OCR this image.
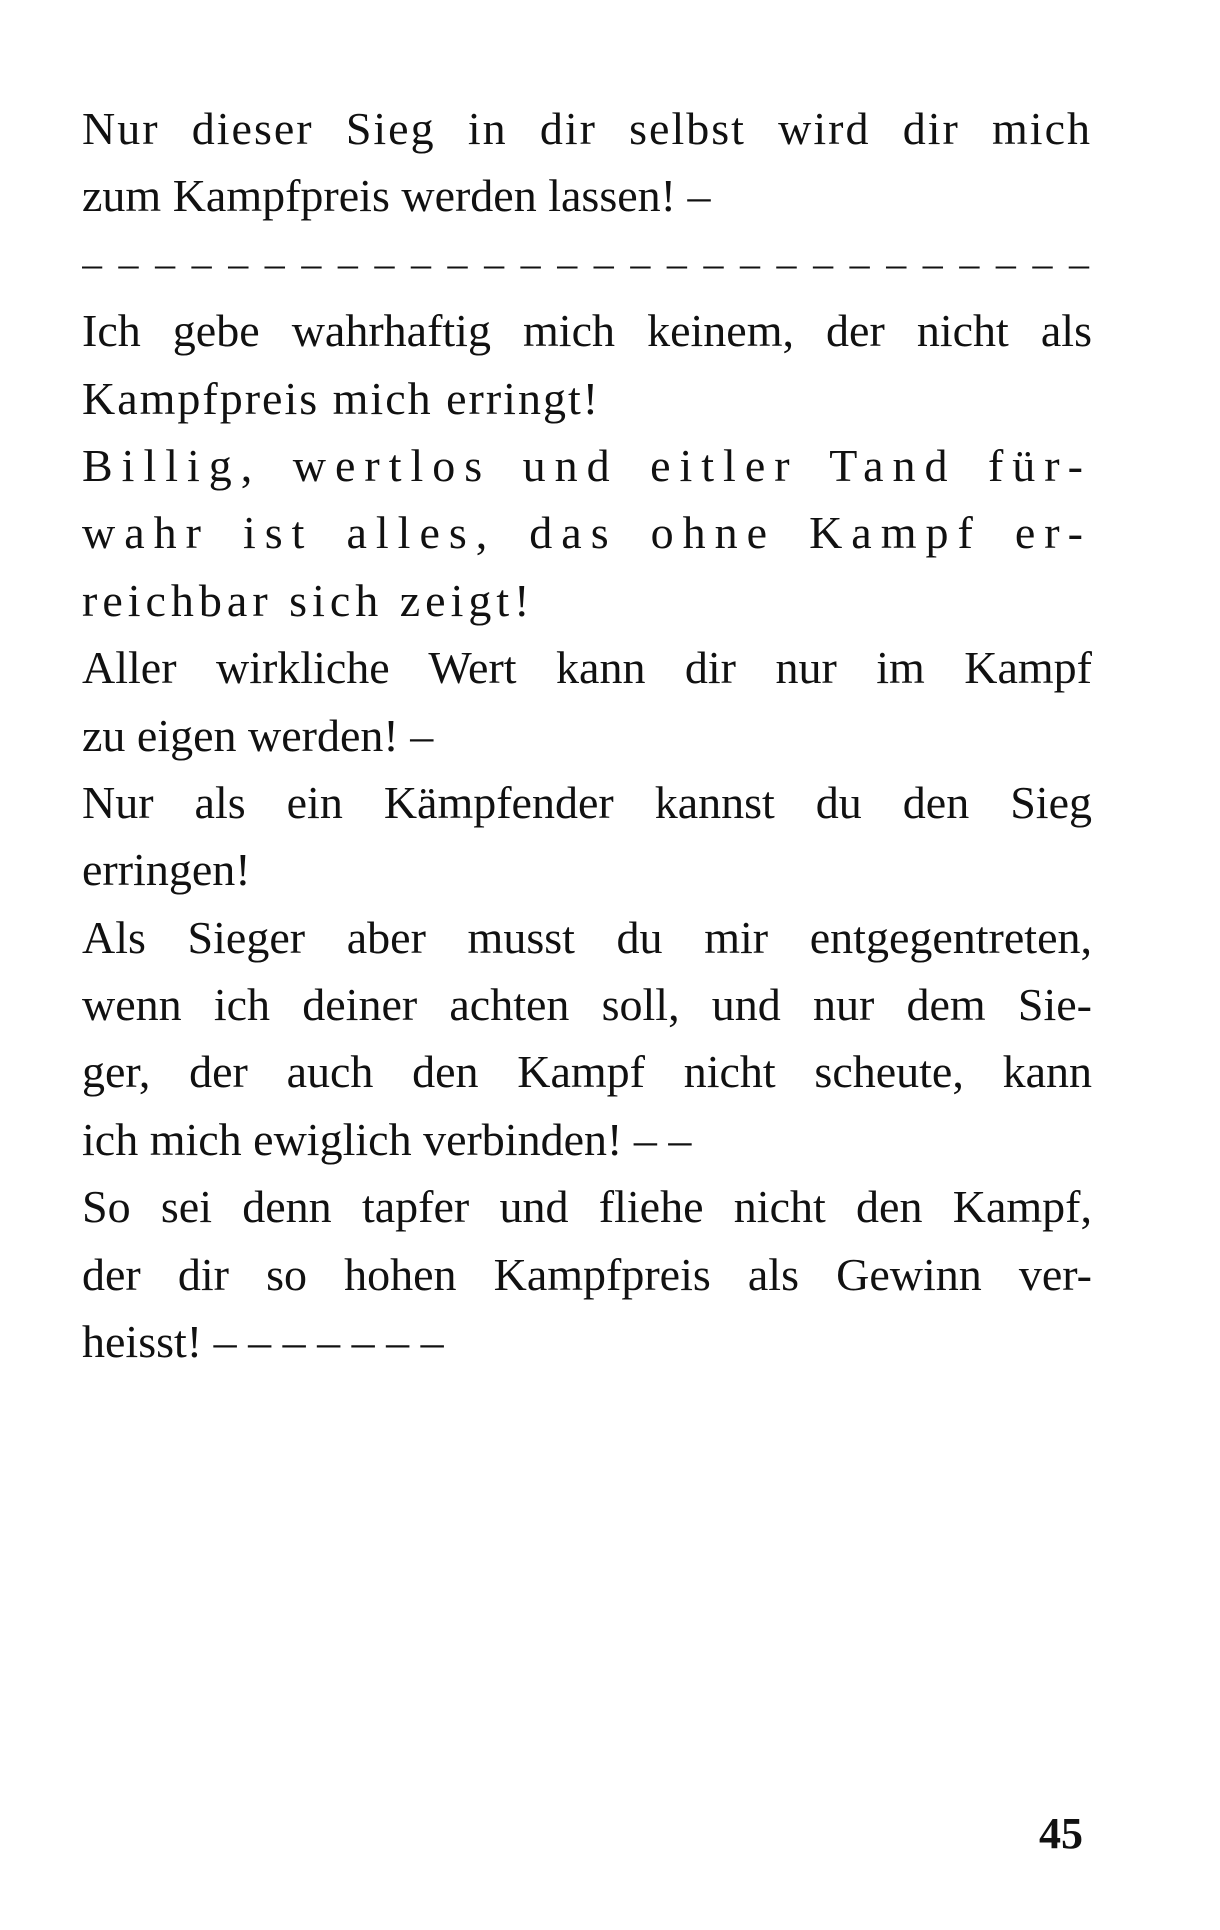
Nur dieser Sieg in dir selbst wird dir mich
zum Kampfpreis werden lassen! –
– – – – – – – – – – – – – – – – – – – – – – – – – – – –
Ich gebe wahrhaftig mich keinem, der nicht als
Kampfpreis mich erringt!
Billig, wertlos und eitler Tand für-
wahr ist alles, das ohne Kampf er-
reichbar sich zeigt!
Aller wirkliche Wert kann dir nur im Kampf
zu eigen werden! –
Nur als ein Kämpfender kannst du den Sieg
erringen!
Als Sieger aber musst du mir entgegentreten,
wenn ich deiner achten soll, und nur dem Sie-
ger, der auch den Kampf nicht scheute, kann
ich mich ewiglich verbinden! – –
So sei denn tapfer und fliehe nicht den Kampf,
der dir so hohen Kampfpreis als Gewinn ver-
heisst! – – – – – – –
45
